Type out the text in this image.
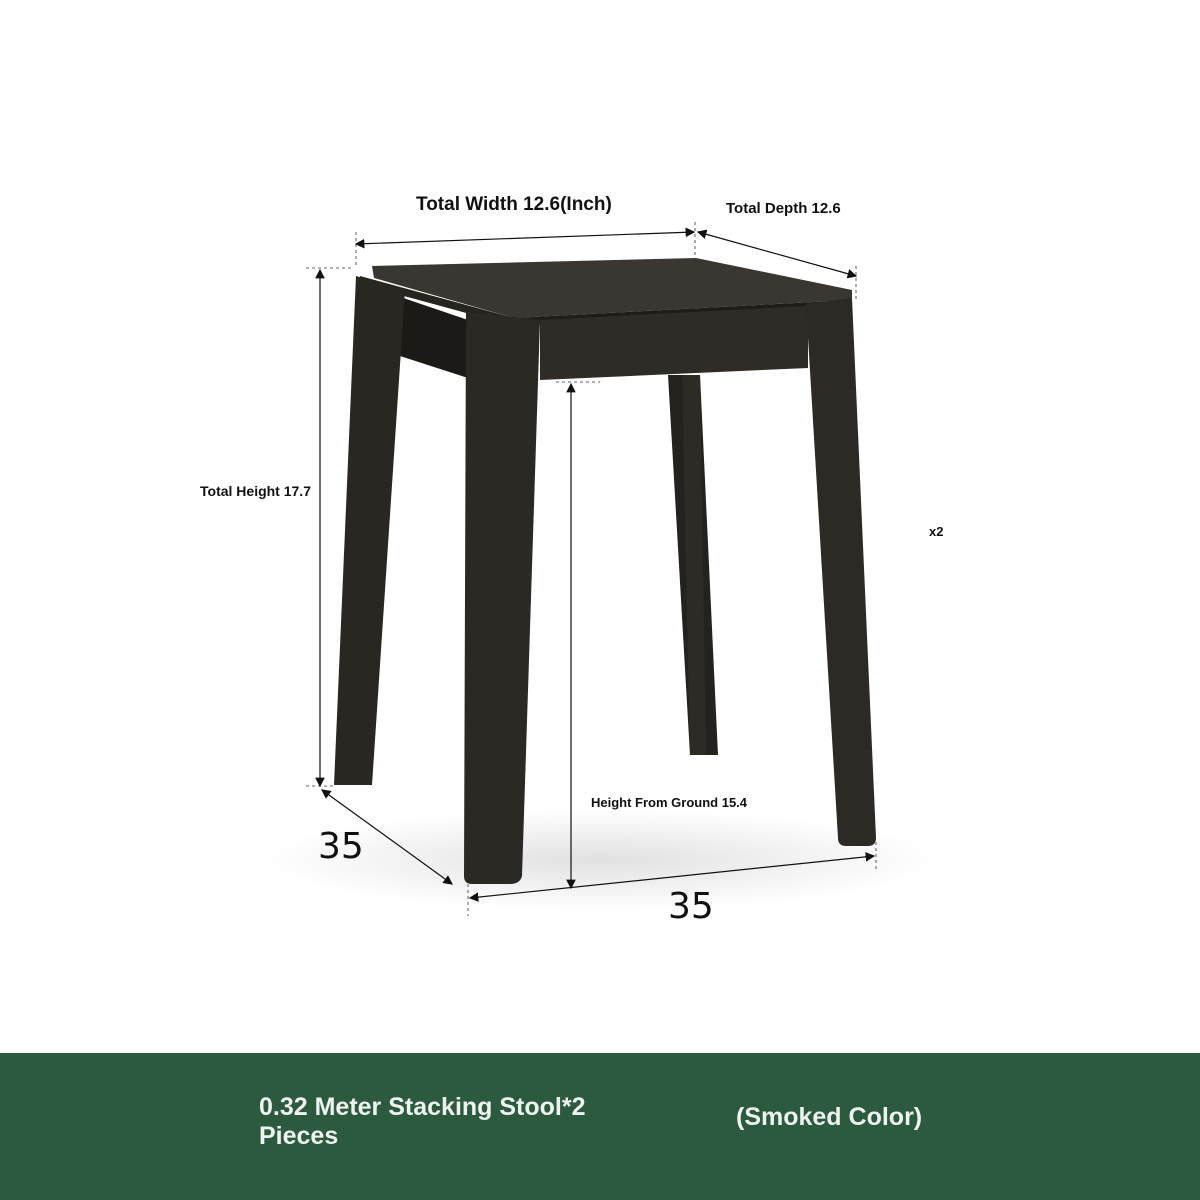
Total Width 12.6(Inch)	Total Depth 12.6
Total Height 17.7
Height From Ground 15.4
x2
35
35
0.32 Meter Stacking Stool*2 Pieces
(Smoked Color)
